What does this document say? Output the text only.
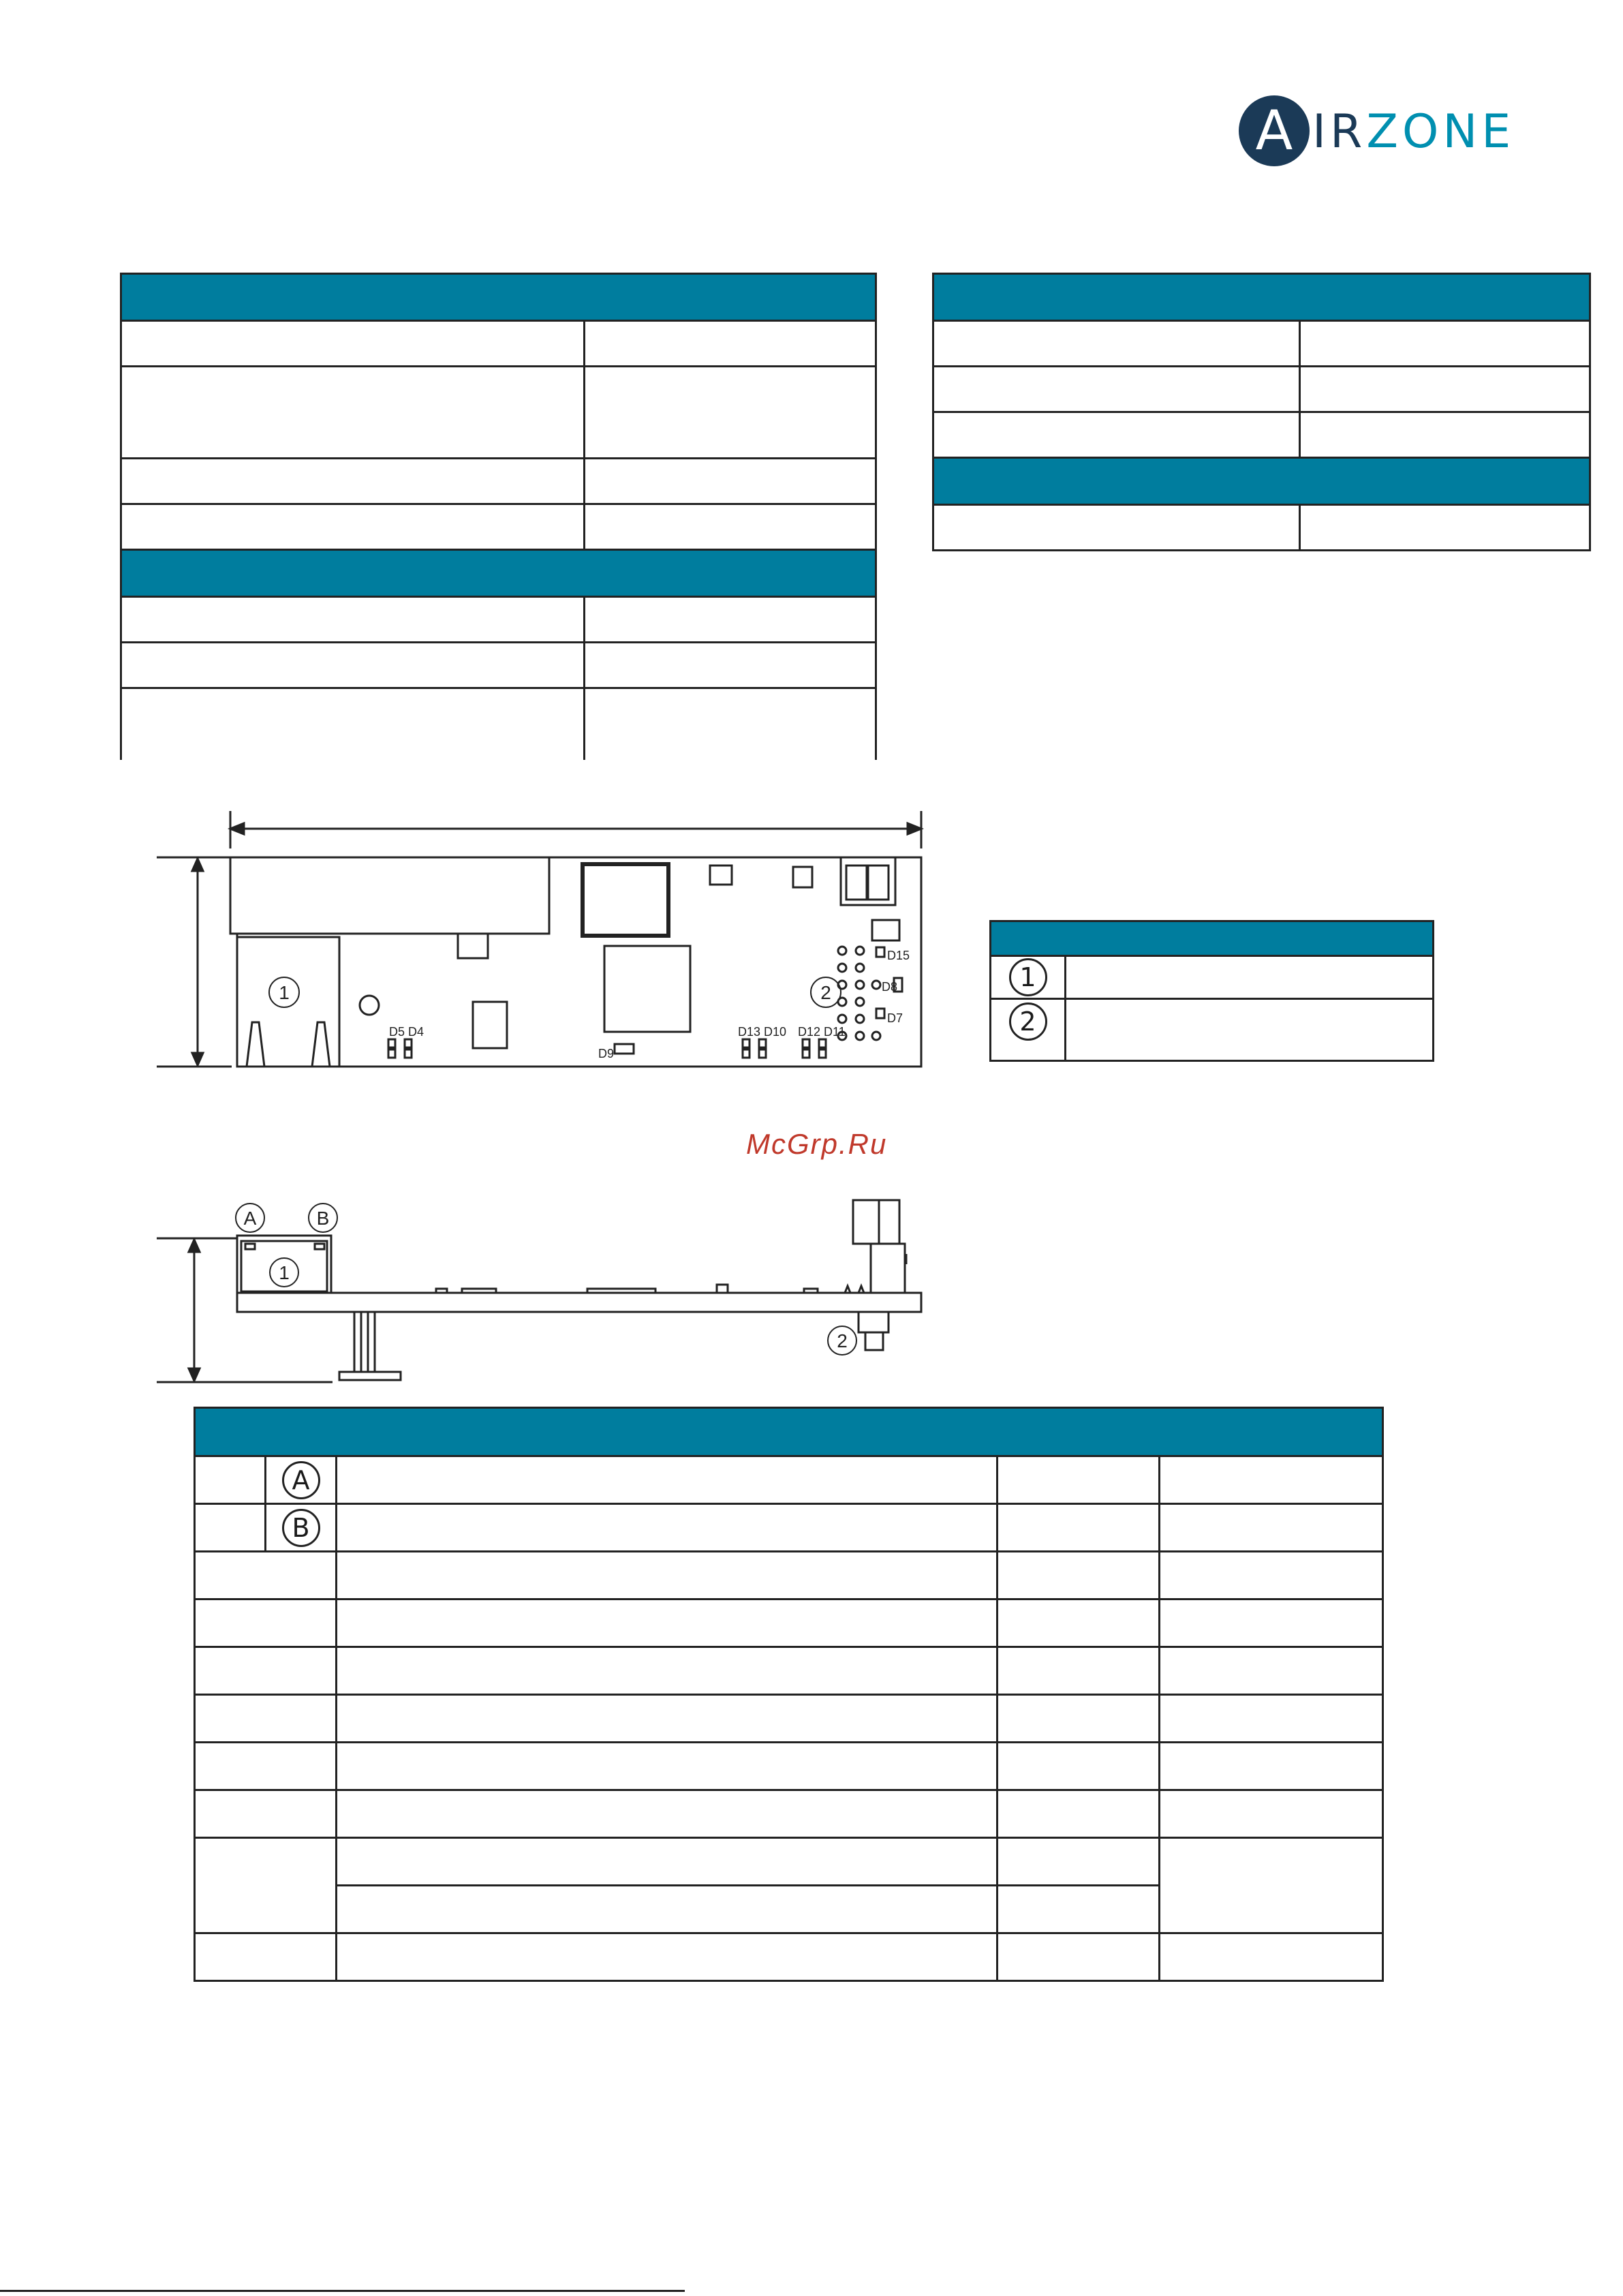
A IRZONE

D5 D4
D9
D13 D10 D12 D11
D15
D8
D7
1	2

1	
2	
McGrp.Ru
A	B
1
2

	A			
	B			
